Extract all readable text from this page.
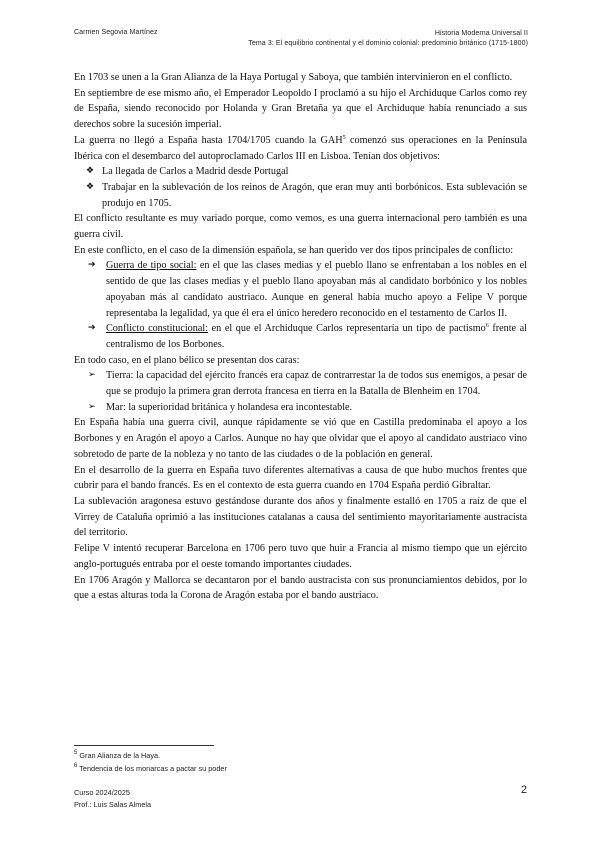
Carmen Segovia Martínez	Historia Moderna Universal II
Tema 3: El equilibrio continental y el dominio colonial: predominio británico (1715-1800)

En 1703 se unen a la Gran Alianza de la Haya Portugal y Saboya, que también intervinieron en el conflicto.

En septiembre de ese mismo año, el Emperador Leopoldo I proclamó a su hijo el Archiduque Carlos como rey de España, siendo reconocido por Holanda y Gran Bretaña ya que el Archiduque había renunciado a sus derechos sobre la sucesión imperial.

La guerra no llegó a España hasta 1704/1705 cuando la GAH$^5$ comenzó sus operaciones en la Península Ibérica con el desembarco del autoproclamado Carlos III en Lisboa. Tenían dos objetivos:

❖ La llegada de Carlos a Madrid desde Portugal
❖ Trabajar en la sublevación de los reinos de Aragón, que eran muy anti borbónicos. Esta sublevación se produjo en 1705.

El conflicto resultante es muy variado porque, como vemos, es una guerra internacional pero también es una guerra civil.

En este conflicto, en el caso de la dimensión española, se han querido ver dos tipos principales de conflicto:

➔	Guerra de tipo social: en el que las clases medias y el pueblo llano se enfrentaban a los nobles en el sentido de que las clases medias y el pueblo llano apoyaban más al candidato borbónico y los nobles apoyaban más al candidato austriaco. Aunque en general había mucho apoyo a Felipe V porque representaba la legalidad, ya que él era el único heredero reconocido en el testamento de Carlos II.
➔	Conflicto constitucional: en el que el Archiduque Carlos representaría un tipo de pactismo$^6$ frente al centralismo de los Borbones.

En todo caso, en el plano bélico se presentan dos caras:

➢	Tierra: la capacidad del ejército francés era capaz de contrarrestar la de todos sus enemigos, a pesar de que se produjo la primera gran derrota francesa en tierra en la Batalla de Blenheim en 1704.
➢	Mar: la superioridad británica y holandesa era incontestable.

En España había una guerra civil, aunque rápidamente se vió que en Castilla predominaba el apoyo a los Borbones y en Aragón el apoyo a Carlos. Aunque no hay que olvidar que el apoyo al candidato austriaco vino sobretodo de parte de la nobleza y no tanto de las ciudades o de la población en general.

En el desarrollo de la guerra en España tuvo diferentes alternativas a causa de que hubo muchos frentes que cubrir para el bando francés. Es en el contexto de esta guerra cuando en 1704 España perdió Gibraltar.

La sublevación aragonesa estuvo gestándose durante dos años y finalmente estalló en 1705 a raíz de que el Virrey de Cataluña oprimió a las instituciones catalanas a causa del sentimiento mayoritariamente austracista del territorio.

Felipe V intentó recuperar Barcelona en 1706 pero tuvo que huir a Francia al mismo tiempo que un ejército anglo-portugués entraba por el oeste tomando importantes ciudades.

En 1706 Aragón y Mallorca se decantaron por el bando austracista con sus pronunciamientos debidos, por lo que a estas alturas toda la Corona de Aragón estaba por el bando austriaco.

$^5$ Gran Alianza de la Haya.
$^6$ Tendencia de los monarcas a pactar su poder
Curso 2024/2025
Prof.: Luis Salas Almela
2
